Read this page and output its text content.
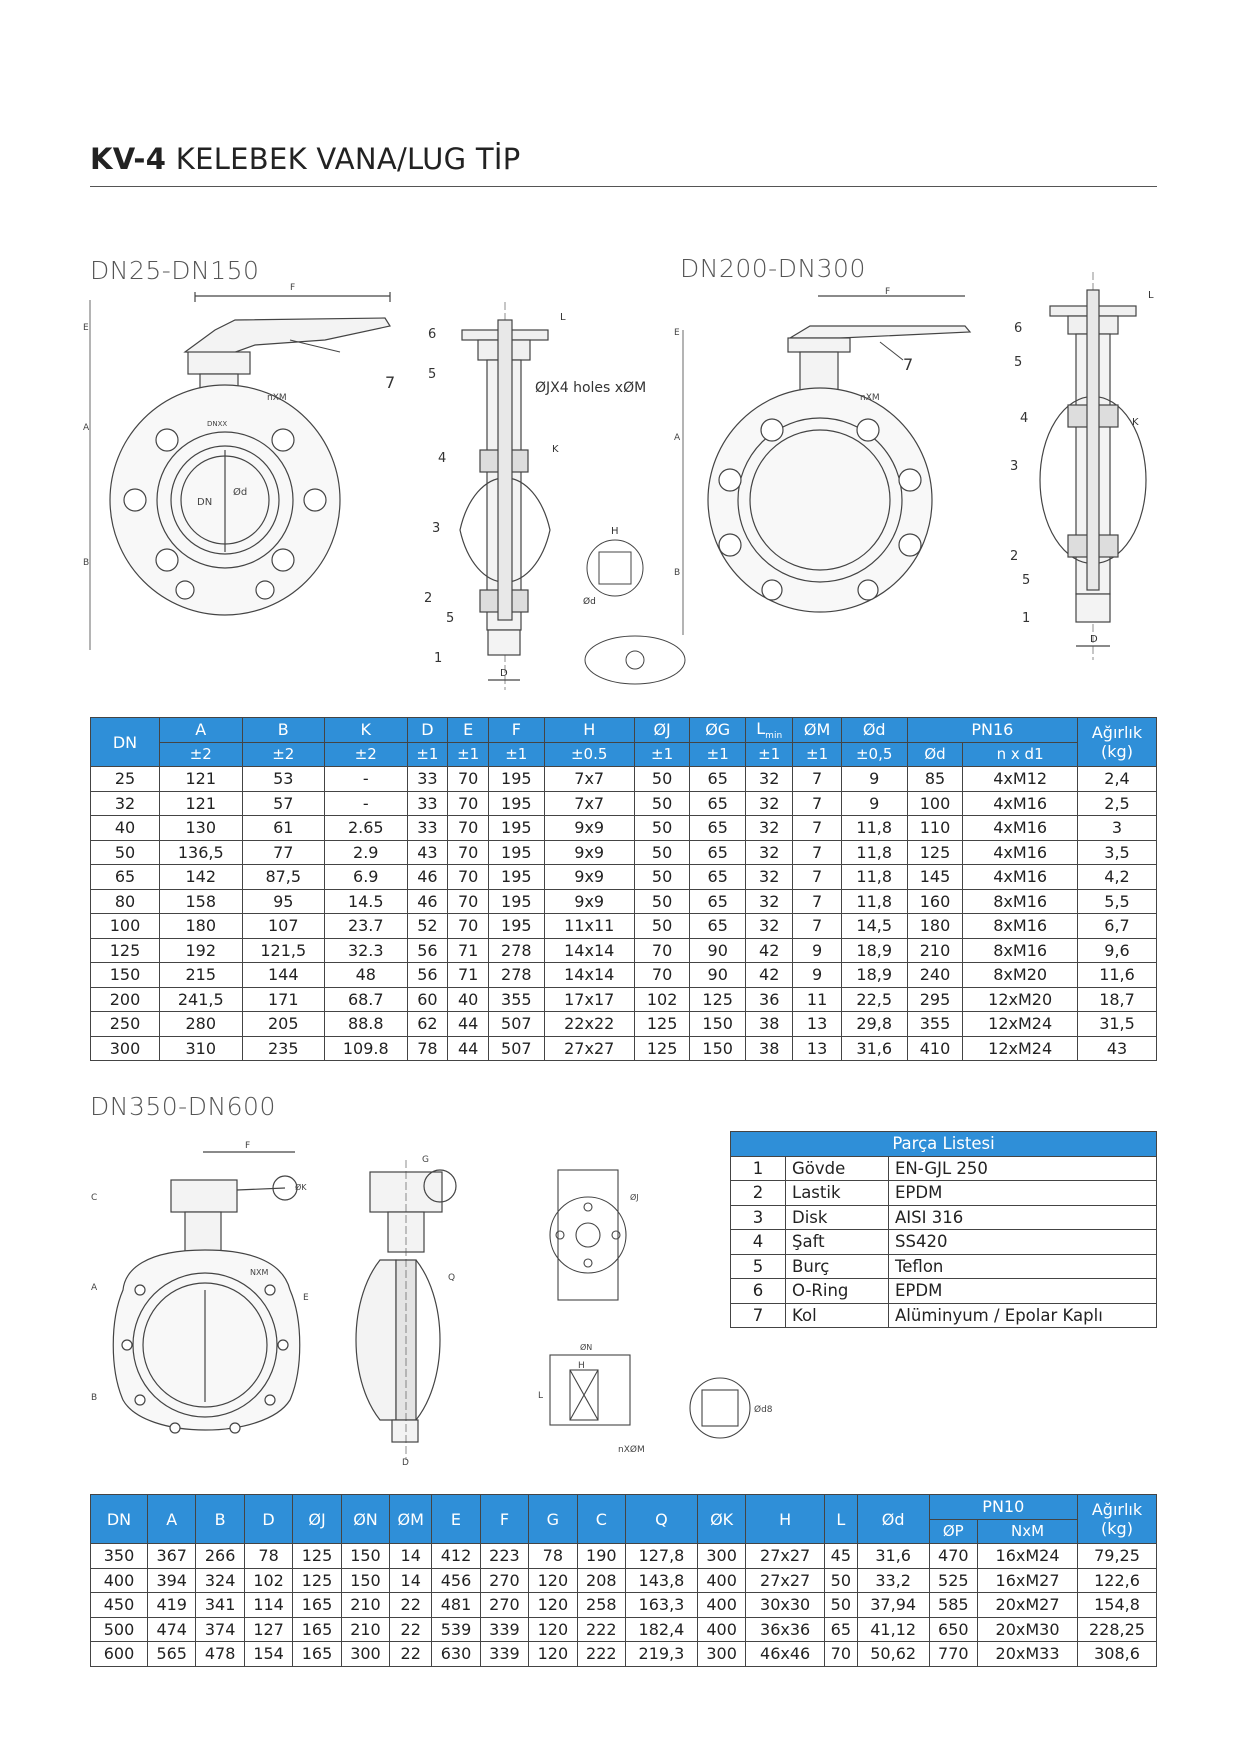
KV-4 KELEBEK VANA/LUG TİP
DN25-DN150	DN200-DN300
DN350-DN600
F
E
A
B
DN
Ød
nXM
DNXX
7
6
5
4
3
2
5
1
K
D
L
ØJX4 holes xØM
H
Ød
F
E
A
B
nXM
7
6
5
4
3
2
5
1
K
D
L
DN	A	B	K	D	E	F	H	ØJ	ØG	$L_{min}$	ØM	Ød	PN16		Ağırlık (kg)
	±2	±2	±2	±1	±1	±1	±0.5	±1	±1	±1	±1	±0,5	Ød	n x d1	
25	121	53	-	33	70	195	7x7	50	65	32	7	9	85	4xM12	2,4
32	121	57	-	33	70	195	7x7	50	65	32	7	9	100	4xM16	2,5
40	130	61	2.65	33	70	195	9x9	50	65	32	7	11,8	110	4xM16	3
50	136,5	77	2.9	43	70	195	9x9	50	65	32	7	11,8	125	4xM16	3,5
65	142	87,5	6.9	46	70	195	9x9	50	65	32	7	11,8	145	4xM16	4,2
80	158	95	14.5	46	70	195	9x9	50	65	32	7	11,8	160	8xM16	5,5
100	180	107	23.7	52	70	195	11x11	50	65	32	7	14,5	180	8xM16	6,7
125	192	121,5	32.3	56	71	278	14x14	70	90	42	9	18,9	210	8xM16	9,6
150	215	144	48	56	71	278	14x14	70	90	42	9	18,9	240	8xM20	11,6
200	241,5	171	68.7	60	40	355	17x17	102	125	36	11	22,5	295	12xM20	18,7
250	280	205	88.8	62	44	507	22x22	125	150	38	13	29,8	355	12xM24	31,5
300	310	235	109.8	78	44	507	27x27	125	150	38	13	31,6	410	12xM24	43
F
C
A
B
E
ØK
NXM
G
Q
D
ØJ
ØN
H
L
nXØM
Ød8
Parça Listesi		
1	Gövde	EN-GJL 250
2	Lastik	EPDM
3	Disk	AISI 316
4	Şaft	SS420
5	Burç	Teflon
6	O-Ring	EPDM
7	Kol	Alüminyum / Epolar Kaplı
DN	A	B	D	ØJ	ØN	ØM	E	F	G	C	Q	ØK	H	L	Ød	PN10		Ağırlık (kg)
																ØP	NxM	
350	367	266	78	125	150	14	412	223	78	190	127,8	300	27x27	45	31,6	470	16xM24	79,25
400	394	324	102	125	150	14	456	270	120	208	143,8	400	27x27	50	33,2	525	16xM27	122,6
450	419	341	114	165	210	22	481	270	120	258	163,3	400	30x30	50	37,94	585	20xM27	154,8
500	474	374	127	165	210	22	539	339	120	222	182,4	400	36x36	65	41,12	650	20xM30	228,25
600	565	478	154	165	300	22	630	339	120	222	219,3	300	46x46	70	50,62	770	20xM33	308,6
